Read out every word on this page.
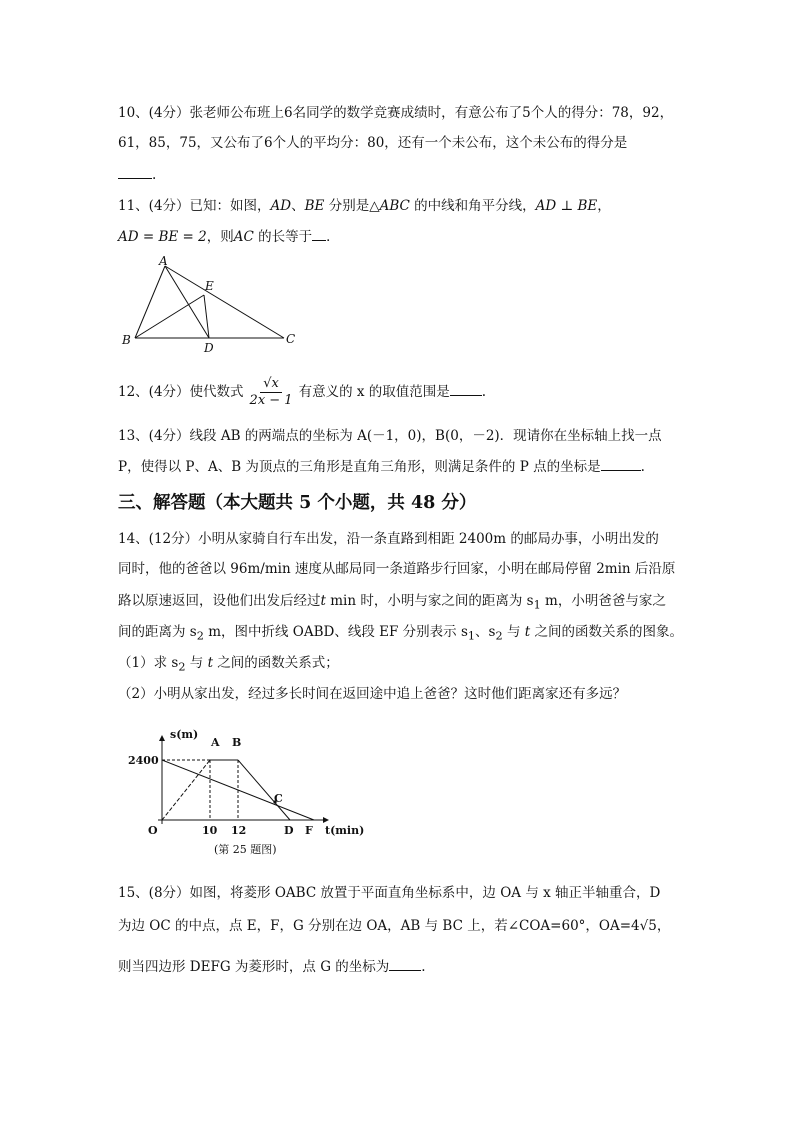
10、(4分）张老师公布班上6名同学的数学竞赛成绩时，有意公布了5个人的得分：78，92，
61，85，75，又公布了6个人的平均分：80，还有一个未公布，这个未公布的得分是
.
11、(4分）已知：如图，AD、BE 分别是△ABC 的中线和角平分线，AD ⊥ BE，
AD = BE = 2，则AC 的长等于 ．
A
E
B
D
C
12、(4分）使代数式 $\frac{√x}{2x - 1}$ 有意义的 x 的取值范围是 .
13、(4分）线段 AB 的两端点的坐标为 A(－1，0)，B(0，－2)．现请你在坐标轴上找一点
P，使得以 P、A、B 为顶点的三角形是直角三角形，则满足条件的 P 点的坐标是	.
三、解答题（本大题共 5 个小题，共 48 分）
14、(12分）小明从家骑自行车出发，沿一条直路到相距 2400m 的邮局办事，小明出发的
同时，他的爸爸以 96m/min 速度从邮局同一条道路步行回家，小明在邮局停留 2min 后沿原
路以原速返回，设他们出发后经过t min 时，小明与家之间的距离为 $s_1$ m，小明爸爸与家之
间的距离为 $s_2$ m，图中折线 OABD、线段 EF 分别表示 $s_1$、$s_2$ 与 t 之间的函数关系的图象。
（1）求 $s_2$ 与 t 之间的函数关系式；
（2）小明从家出发，经过多长时间在返回途中追上爸爸？这时他们距离家还有多远？
s(m)
A B
2400
C
O	10 12	D F t(min)
(第 25 题图)
15、(8分）如图，将菱形 OABC 放置于平面直角坐标系中，边 OA 与 x 轴正半轴重合，D
为边 OC 的中点，点 E，F，G 分别在边 OA，AB 与 BC 上，若∠COA=60°，OA=4√5，
则当四边形 DEFG 为菱形时，点 G 的坐标为 .
